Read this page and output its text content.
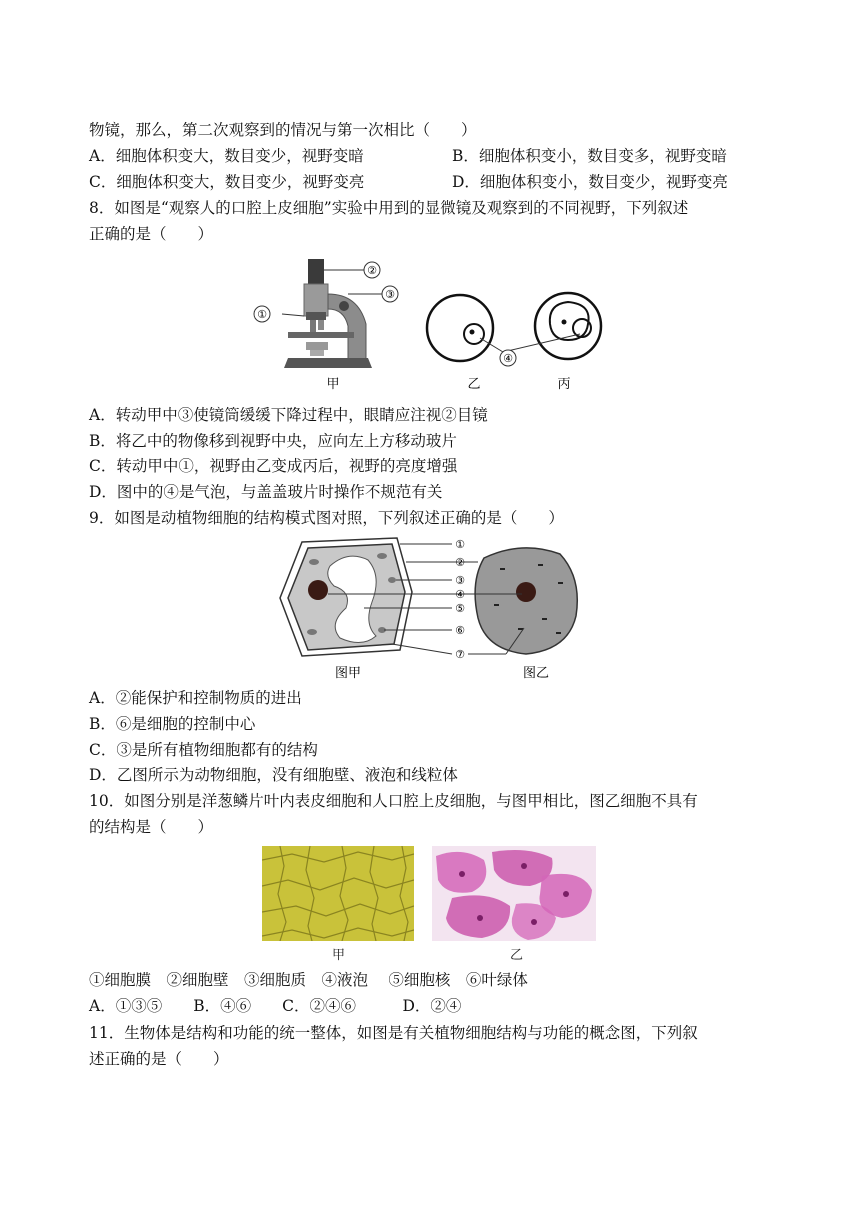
物镜，那么，第二次观察到的情况与第一次相比（　　）
A．细胞体积变大，数目变少，视野变暗	B．细胞体积变小，数目变多，视野变暗
C．细胞体积变大，数目变少，视野变亮	D．细胞体积变小，数目变少，视野变亮
8．如图是“观察人的口腔上皮细胞”实验中用到的显微镜及观察到的不同视野，下列叙述
正确的是（　　）
②
③
①
④
甲	乙	丙
A．转动甲中③使镜筒缓缓下降过程中，眼睛应注视②目镜
B．将乙中的物像移到视野中央，应向左上方移动玻片
C．转动甲中①，视野由乙变成丙后，视野的亮度增强
D．图中的④是气泡，与盖盖玻片时操作不规范有关
9．如图是动植物细胞的结构模式图对照，下列叙述正确的是（　　）
①
②
③
④
⑤
⑥
⑦
图甲	图乙
A．②能保护和控制物质的进出
B．⑥是细胞的控制中心
C．③是所有植物细胞都有的结构
D．乙图所示为动物细胞，没有细胞壁、液泡和线粒体
10．如图分别是洋葱鳞片叶内表皮细胞和人口腔上皮细胞，与图甲相比，图乙细胞不具有
的结构是（　　）
甲	乙
①细胞膜　②细胞壁　③细胞质　④液泡　 ⑤细胞核　⑥叶绿体
A．①③⑤　　B．④⑥　　C．②④⑥　　　D．②④
11．生物体是结构和功能的统一整体，如图是有关植物细胞结构与功能的概念图，下列叙
述正确的是（　　）
